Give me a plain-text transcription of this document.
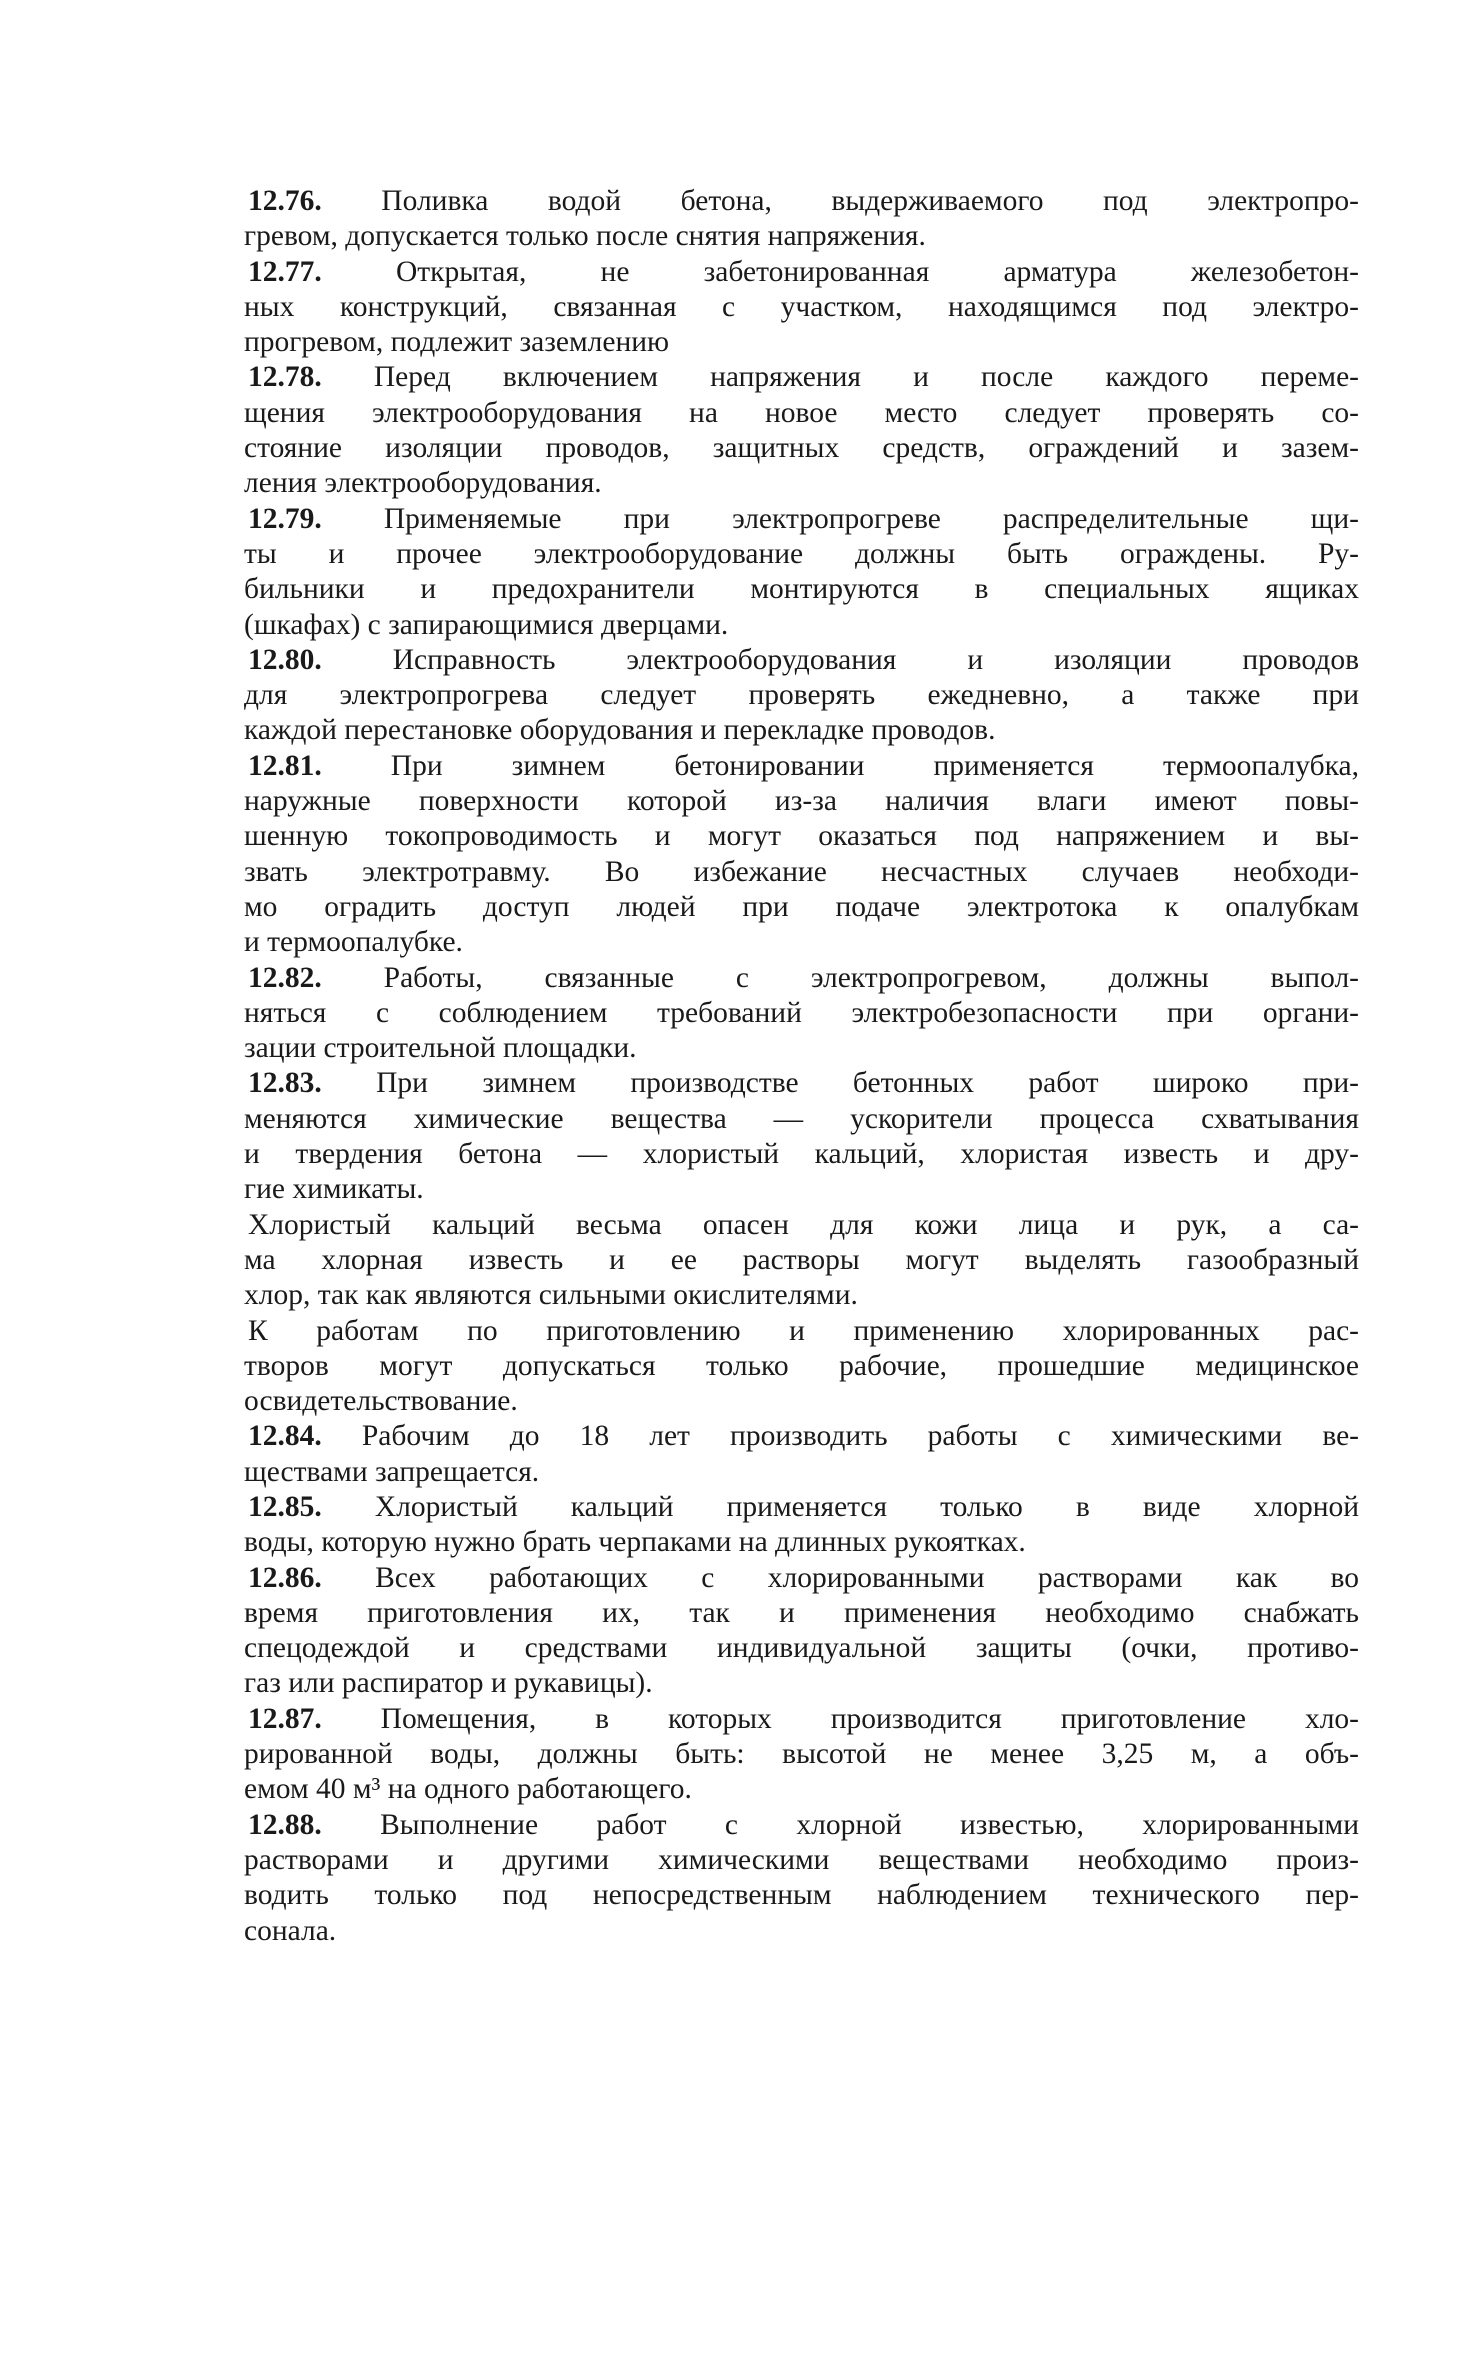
12.76. Поливка водой бетона, выдерживаемого под электропро-
гревом, допускается только после снятия напряжения.
12.77.	Открытая, не забетонированная арматура железобетон-
ных конструкций, связанная с участком, находящимся под электро-
прогревом, подлежит заземлению
12.78. Перед включением напряжения и после каждого переме-
щения электрооборудования на новое место следует проверять со-
стояние изоляции проводов, защитных средств, ограждений и зазем-
ления электрооборудования.
12.79. Применяемые при электропрогреве распределительные щи-
ты и прочее электрооборудование должны быть ограждены. Ру-
бильники и предохранители монтируются в специальных ящиках
(шкафах) с запирающимися дверцами.
12.80. Исправность электрооборудования и изоляции проводов
для электропрогрева следует проверять ежедневно, а также при
каждой перестановке оборудования и перекладке проводов.
12.81. При зимнем бетонировании применяется термоопалубка,
наружные поверхности которой из-за наличия влаги имеют повы-
шенную токопроводимость и могут оказаться под напряжением и вы-
звать электротравму. Во избежание несчастных случаев необходи-
мо оградить доступ людей при подаче электротока к опалубкам
и термоопалубке.
12.82. Работы, связанные с электропрогревом, должны выпол-
няться с соблюдением требований электробезопасности при органи-
зации строительной площадки.
12.83. При зимнем производстве бетонных работ широко при-
меняются химические вещества — ускорители процесса схватывания
и твердения бетона — хлористый кальций, хлористая известь и дру-
гие химикаты.
Хлористый кальций весьма опасен для кожи лица и рук, а са-
ма хлорная известь и ее растворы могут выделять газообразный
хлор, так как являются сильными окислителями.
К работам по приготовлению и применению хлорированных рас-
творов могут допускаться только рабочие, прошедшие медицинское
освидетельствование.
12.84. Рабочим до 18 лет производить работы с химическими ве-
ществами запрещается.
12.85. Хлористый кальций применяется только в виде хлорной
воды, которую нужно брать черпаками на длинных рукоятках.
12.86. Всех работающих с хлорированными растворами как во
время приготовления их, так и применения необходимо снабжать
спецодеждой и средствами индивидуальной защиты (очки, противо-
газ или распиратор и рукавицы).
12.87. Помещения, в которых производится приготовление хло-
рированной воды, должны быть: высотой не менее 3,25 м, а объ-
емом 40 м³ на одного работающего.
12.88. Выполнение работ с хлорной известью, хлорированными
растворами и другими химическими веществами необходимо произ-
водить только под непосредственным наблюдением технического пер-
сонала.
